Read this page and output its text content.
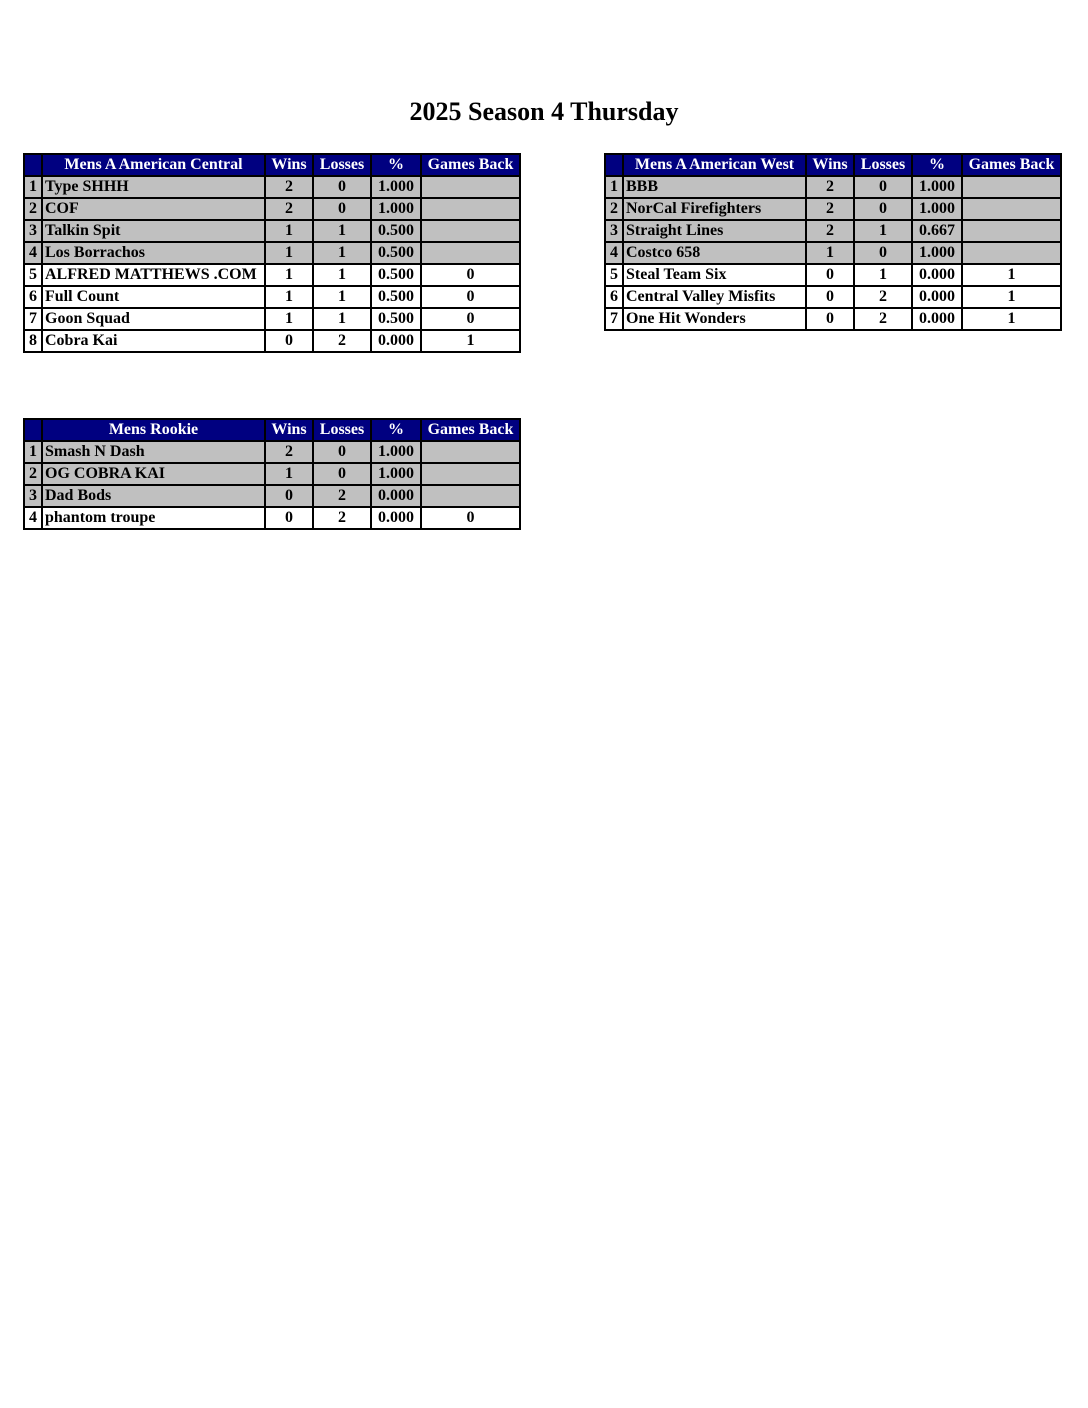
2025 Season 4 Thursday
	Mens A American Central	Wins	Losses	%	Games Back
1	Type SHHH	2	0	1.000	
2	COF	2	0	1.000	
3	Talkin Spit	1	1	0.500	
4	Los Borrachos	1	1	0.500	
5	ALFRED MATTHEWS .COM	1	1	0.500	0
6	Full Count	1	1	0.500	0
7	Goon Squad	1	1	0.500	0
8	Cobra Kai	0	2	0.000	1
	Mens A American West	Wins	Losses	%	Games Back
1	BBB	2	0	1.000	
2	NorCal Firefighters	2	0	1.000	
3	Straight Lines	2	1	0.667	
4	Costco 658	1	0	1.000	
5	Steal Team Six	0	1	0.000	1
6	Central Valley Misfits	0	2	0.000	1
7	One Hit Wonders	0	2	0.000	1
	Mens Rookie	Wins	Losses	%	Games Back
1	Smash N Dash	2	0	1.000	
2	OG COBRA KAI	1	0	1.000	
3	Dad Bods	0	2	0.000	
4	phantom troupe	0	2	0.000	0
